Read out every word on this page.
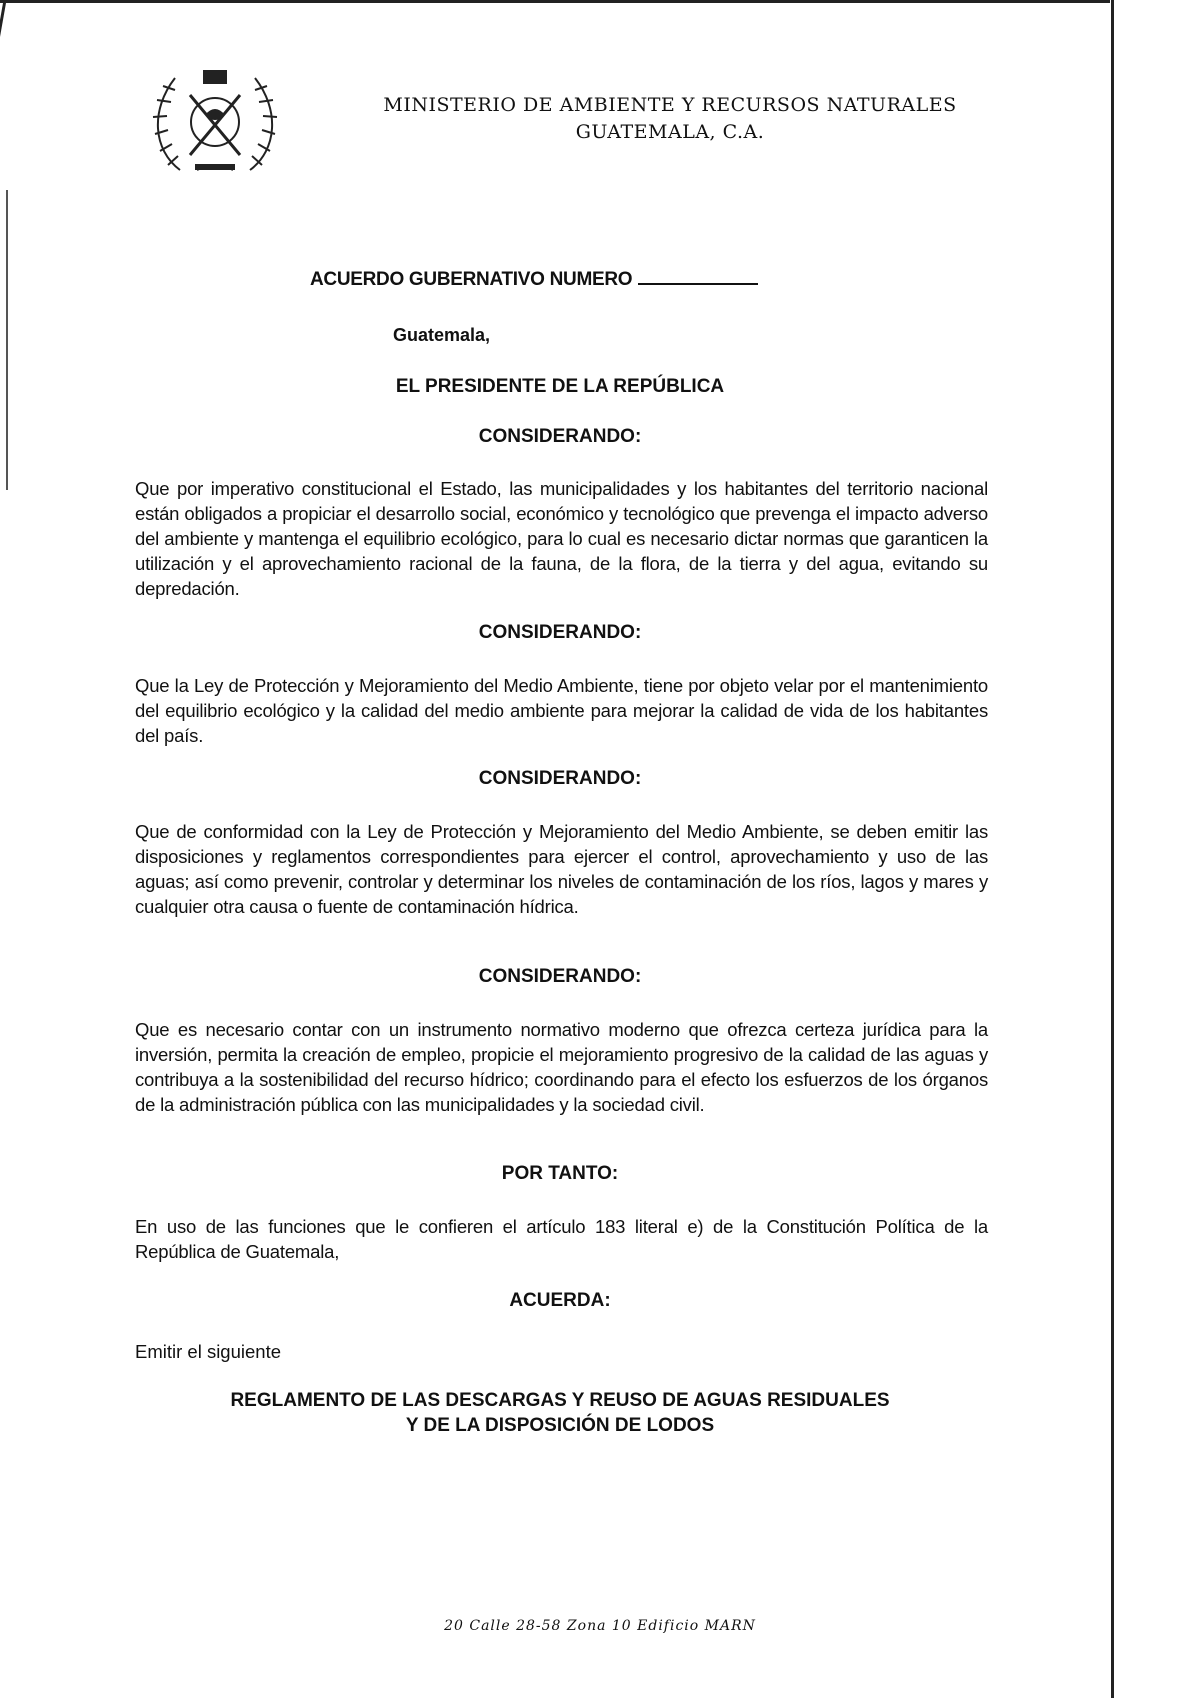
MINISTERIO DE AMBIENTE Y RECURSOS NATURALES
GUATEMALA, C.A.
ACUERDO GUBERNATIVO NUMERO
Guatemala,
EL PRESIDENTE DE LA REPÚBLICA
CONSIDERANDO:
Que por imperativo constitucional el Estado, las municipalidades y los habitantes del territorio nacional están obligados a propiciar el desarrollo social, económico y tecnológico que prevenga el impacto adverso del ambiente y mantenga el equilibrio ecológico, para lo cual es necesario dictar normas que garanticen la utilización y el aprovechamiento racional de la fauna, de la flora, de la tierra y del agua, evitando su depredación.
CONSIDERANDO:
Que la Ley de Protección y Mejoramiento del Medio Ambiente, tiene por objeto velar por el mantenimiento del equilibrio ecológico y la calidad del medio ambiente para mejorar la calidad de vida de los habitantes del país.
CONSIDERANDO:
Que de conformidad con la Ley de Protección y Mejoramiento del Medio Ambiente, se deben emitir las disposiciones y reglamentos correspondientes para ejercer el control, aprovechamiento y uso de las aguas; así como prevenir, controlar y determinar los niveles de contaminación de los ríos, lagos y mares y cualquier otra causa o fuente de contaminación hídrica.
CONSIDERANDO:
Que es necesario contar con un instrumento normativo moderno que ofrezca certeza jurídica para la inversión, permita la creación de empleo, propicie el mejoramiento progresivo de la calidad de las aguas y contribuya a la sostenibilidad del recurso hídrico; coordinando para el efecto los esfuerzos de los órganos de la administración pública con las municipalidades y la sociedad civil.
POR TANTO:
En uso de las funciones que le confieren el artículo 183 literal e) de la Constitución Política de la República de Guatemala,
ACUERDA:
Emitir el siguiente
REGLAMENTO DE LAS DESCARGAS Y REUSO DE AGUAS RESIDUALES
Y DE LA DISPOSICIÓN DE LODOS
20 Calle 28-58 Zona 10 Edificio MARN
